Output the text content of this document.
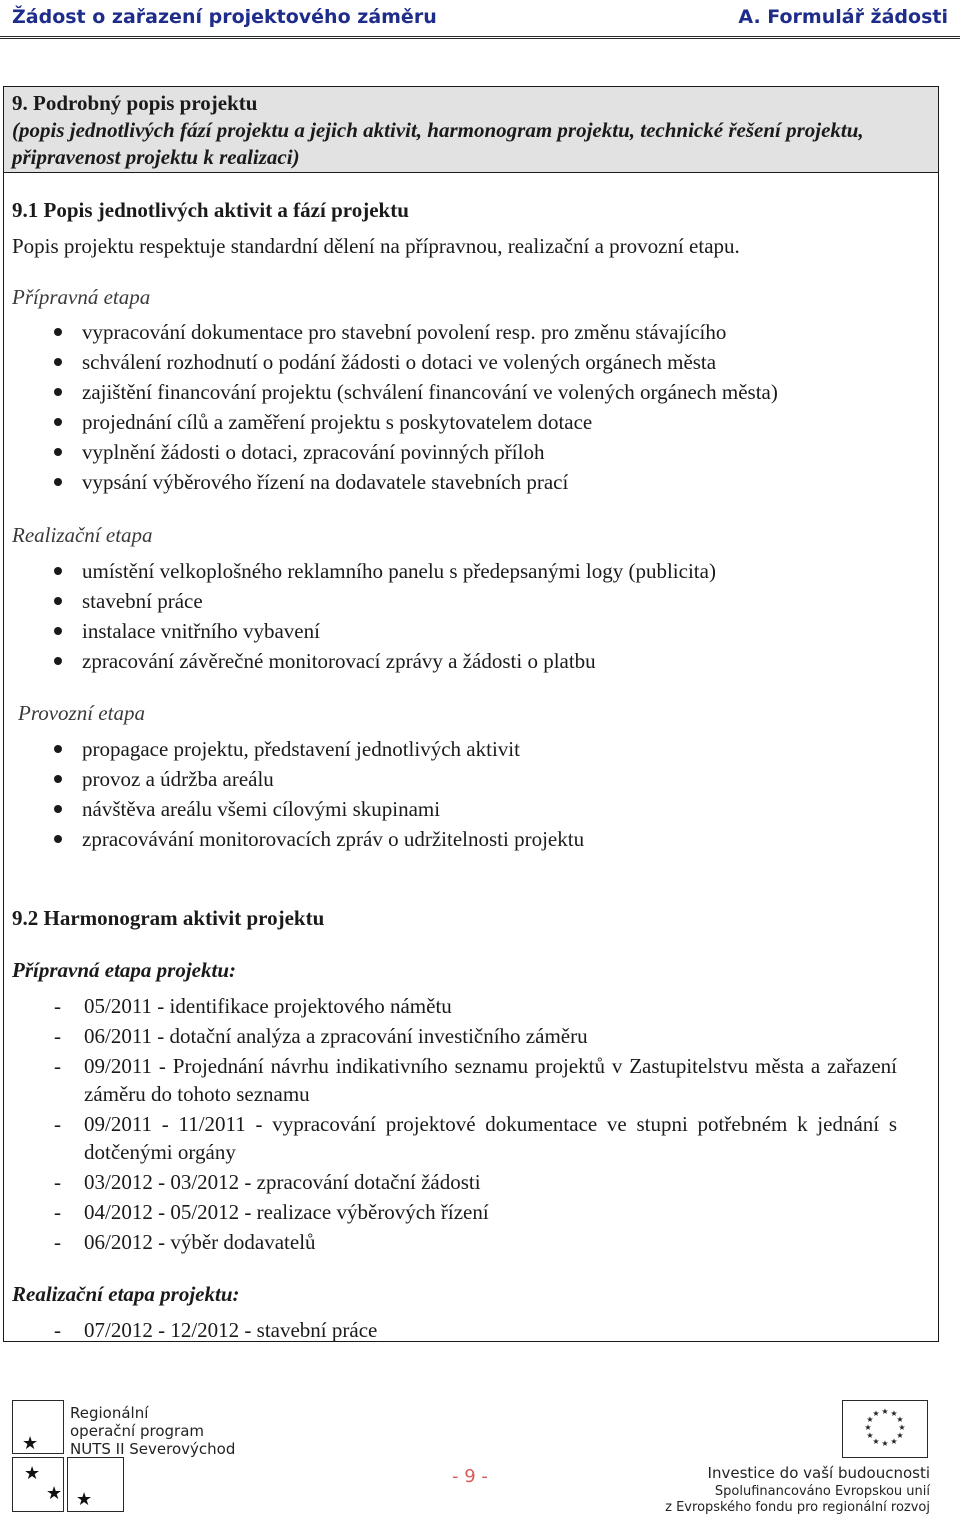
Žádost o zařazení projektového záměru	A. Formulář žádosti
9. Podrobný popis projektu
(popis jednotlivých fází projektu a jejich aktivit, harmonogram projektu, technické řešení projektu, připravenost projektu k realizaci)
9.1 Popis jednotlivých aktivit a fází projektu
Popis projektu respektuje standardní dělení na přípravnou, realizační a provozní etapu.
Přípravná etapa
vypracování dokumentace pro stavební povolení resp. pro změnu stávajícího
schválení rozhodnutí o podání žádosti o dotaci ve volených orgánech města
zajištění financování projektu (schválení financování ve volených orgánech města)
projednání cílů a zaměření projektu s poskytovatelem dotace
vyplnění žádosti o dotaci, zpracování povinných příloh
vypsání výběrového řízení na dodavatele stavebních prací
Realizační etapa
umístění velkoplošného reklamního panelu s předepsanými logy (publicita)
stavební práce
instalace vnitřního vybavení
zpracování závěrečné monitorovací zprávy a žádosti o platbu
Provozní etapa
propagace projektu, představení jednotlivých aktivit
provoz a údržba areálu
návštěva areálu všemi cílovými skupinami
zpracovávání monitorovacích zpráv o udržitelnosti projektu
9.2 Harmonogram aktivit projektu
Přípravná etapa projektu:
- 05/2011 - identifikace projektového námětu
- 06/2011 - dotační analýza a zpracování investičního záměru
- 09/2011 - Projednání návrhu indikativního seznamu projektů v Zastupitelstvu města a zařazení záměru do tohoto seznamu
- 09/2011 - 11/2011 - vypracování projektové dokumentace ve stupni potřebném k jednání s dotčenými orgány
- 03/2012 - 03/2012 - zpracování dotační žádosti
- 04/2012 - 05/2012 - realizace výběrových řízení
- 06/2012 - výběr dodavatelů
Realizační etapa projektu:
- 07/2012 - 12/2012 - stavební práce
★
★
★ ★
Regionální
operační program
NUTS II Severovýchod
- 9 -
★ ★
★
★
★
★
★
★
★
★
★
★
Investice do vaší budoucnosti
Spolufinancováno Evropskou unií
z Evropského fondu pro regionální rozvoj
